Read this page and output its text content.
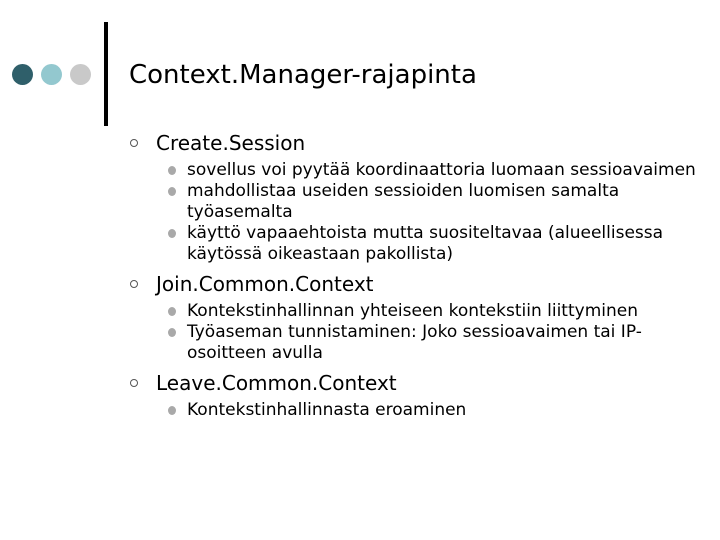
Context.Manager-rajapinta
Create.Session
sovellus voi pyytää koordinaattoria luomaan sessioavaimen
mahdollistaa useiden sessioiden luomisen samalta työasemalta
käyttö vapaaehtoista mutta suositeltavaa (alueellisessa käytössä oikeastaan pakollista)
Join.Common.Context
Kontekstinhallinnan yhteiseen kontekstiin liittyminen
Työaseman tunnistaminen: Joko sessioavaimen tai IP-osoitteen avulla
Leave.Common.Context
Kontekstinhallinnasta eroaminen
